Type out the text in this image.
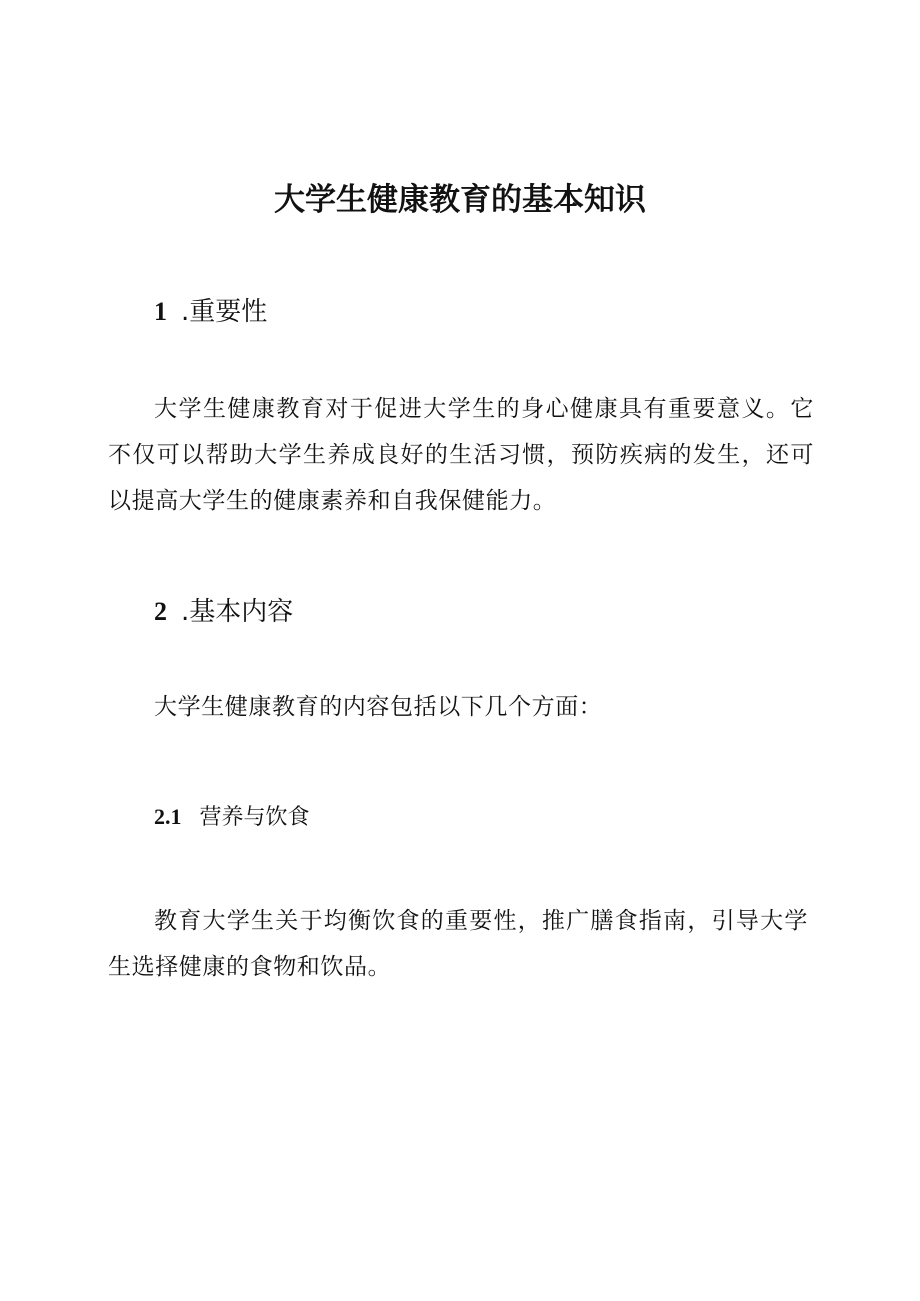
大学生健康教育的基本知识
1 .重要性

大学生健康教育对于促进大学生的身心健康具有重要意义。它不仅可以帮助大学生养成良好的生活习惯，预防疾病的发生，还可以提高大学生的健康素养和自我保健能力。

2 .基本内容

大学生健康教育的内容包括以下几个方面：

2.1 营养与饮食

教育大学生关于均衡饮食的重要性，推广膳食指南，引导大学生选择健康的食物和饮品。
